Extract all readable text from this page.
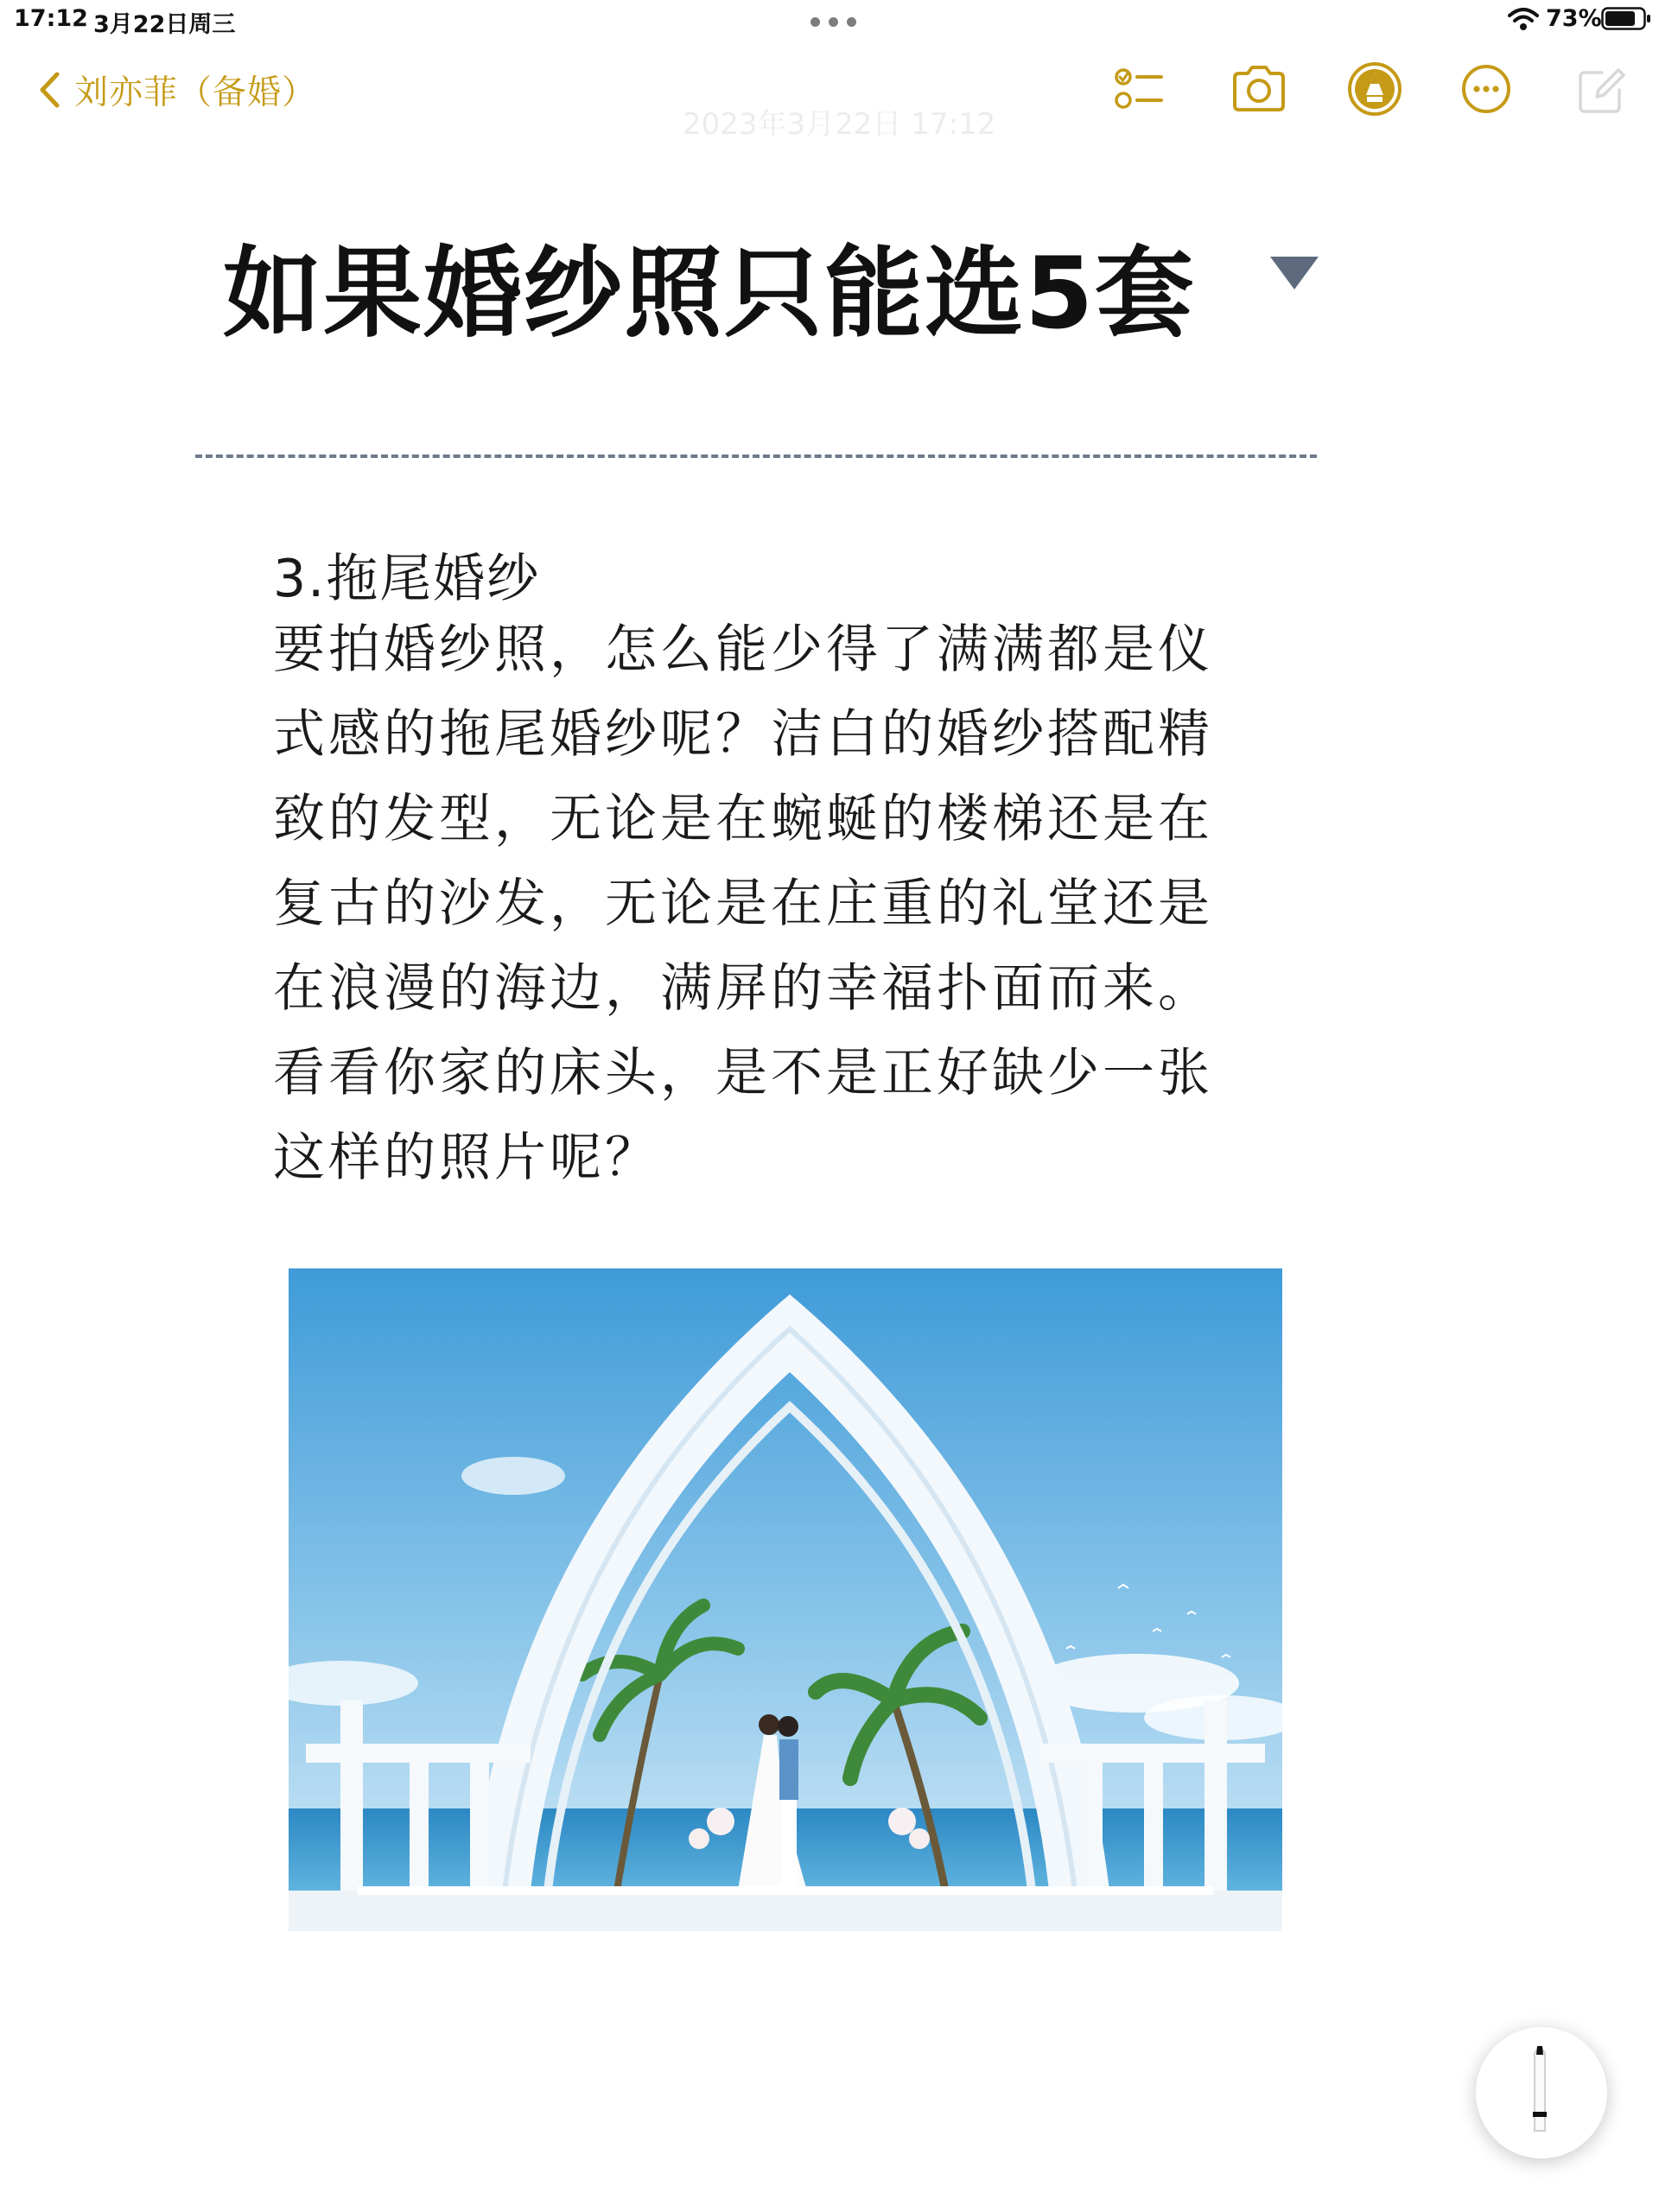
17:12 3月22日周三	73%
刘亦菲（备婚）
2023年3月22日 17:12
如果婚纱照只能选5套
3.拖尾婚纱
要拍婚纱照，怎么能少得了满满都是仪
式感的拖尾婚纱呢？洁白的婚纱搭配精
致的发型，无论是在蜿蜒的楼梯还是在
复古的沙发，无论是在庄重的礼堂还是
在浪漫的海边，满屏的幸福扑面而来。
看看你家的床头，是不是正好缺少一张
这样的照片呢？
